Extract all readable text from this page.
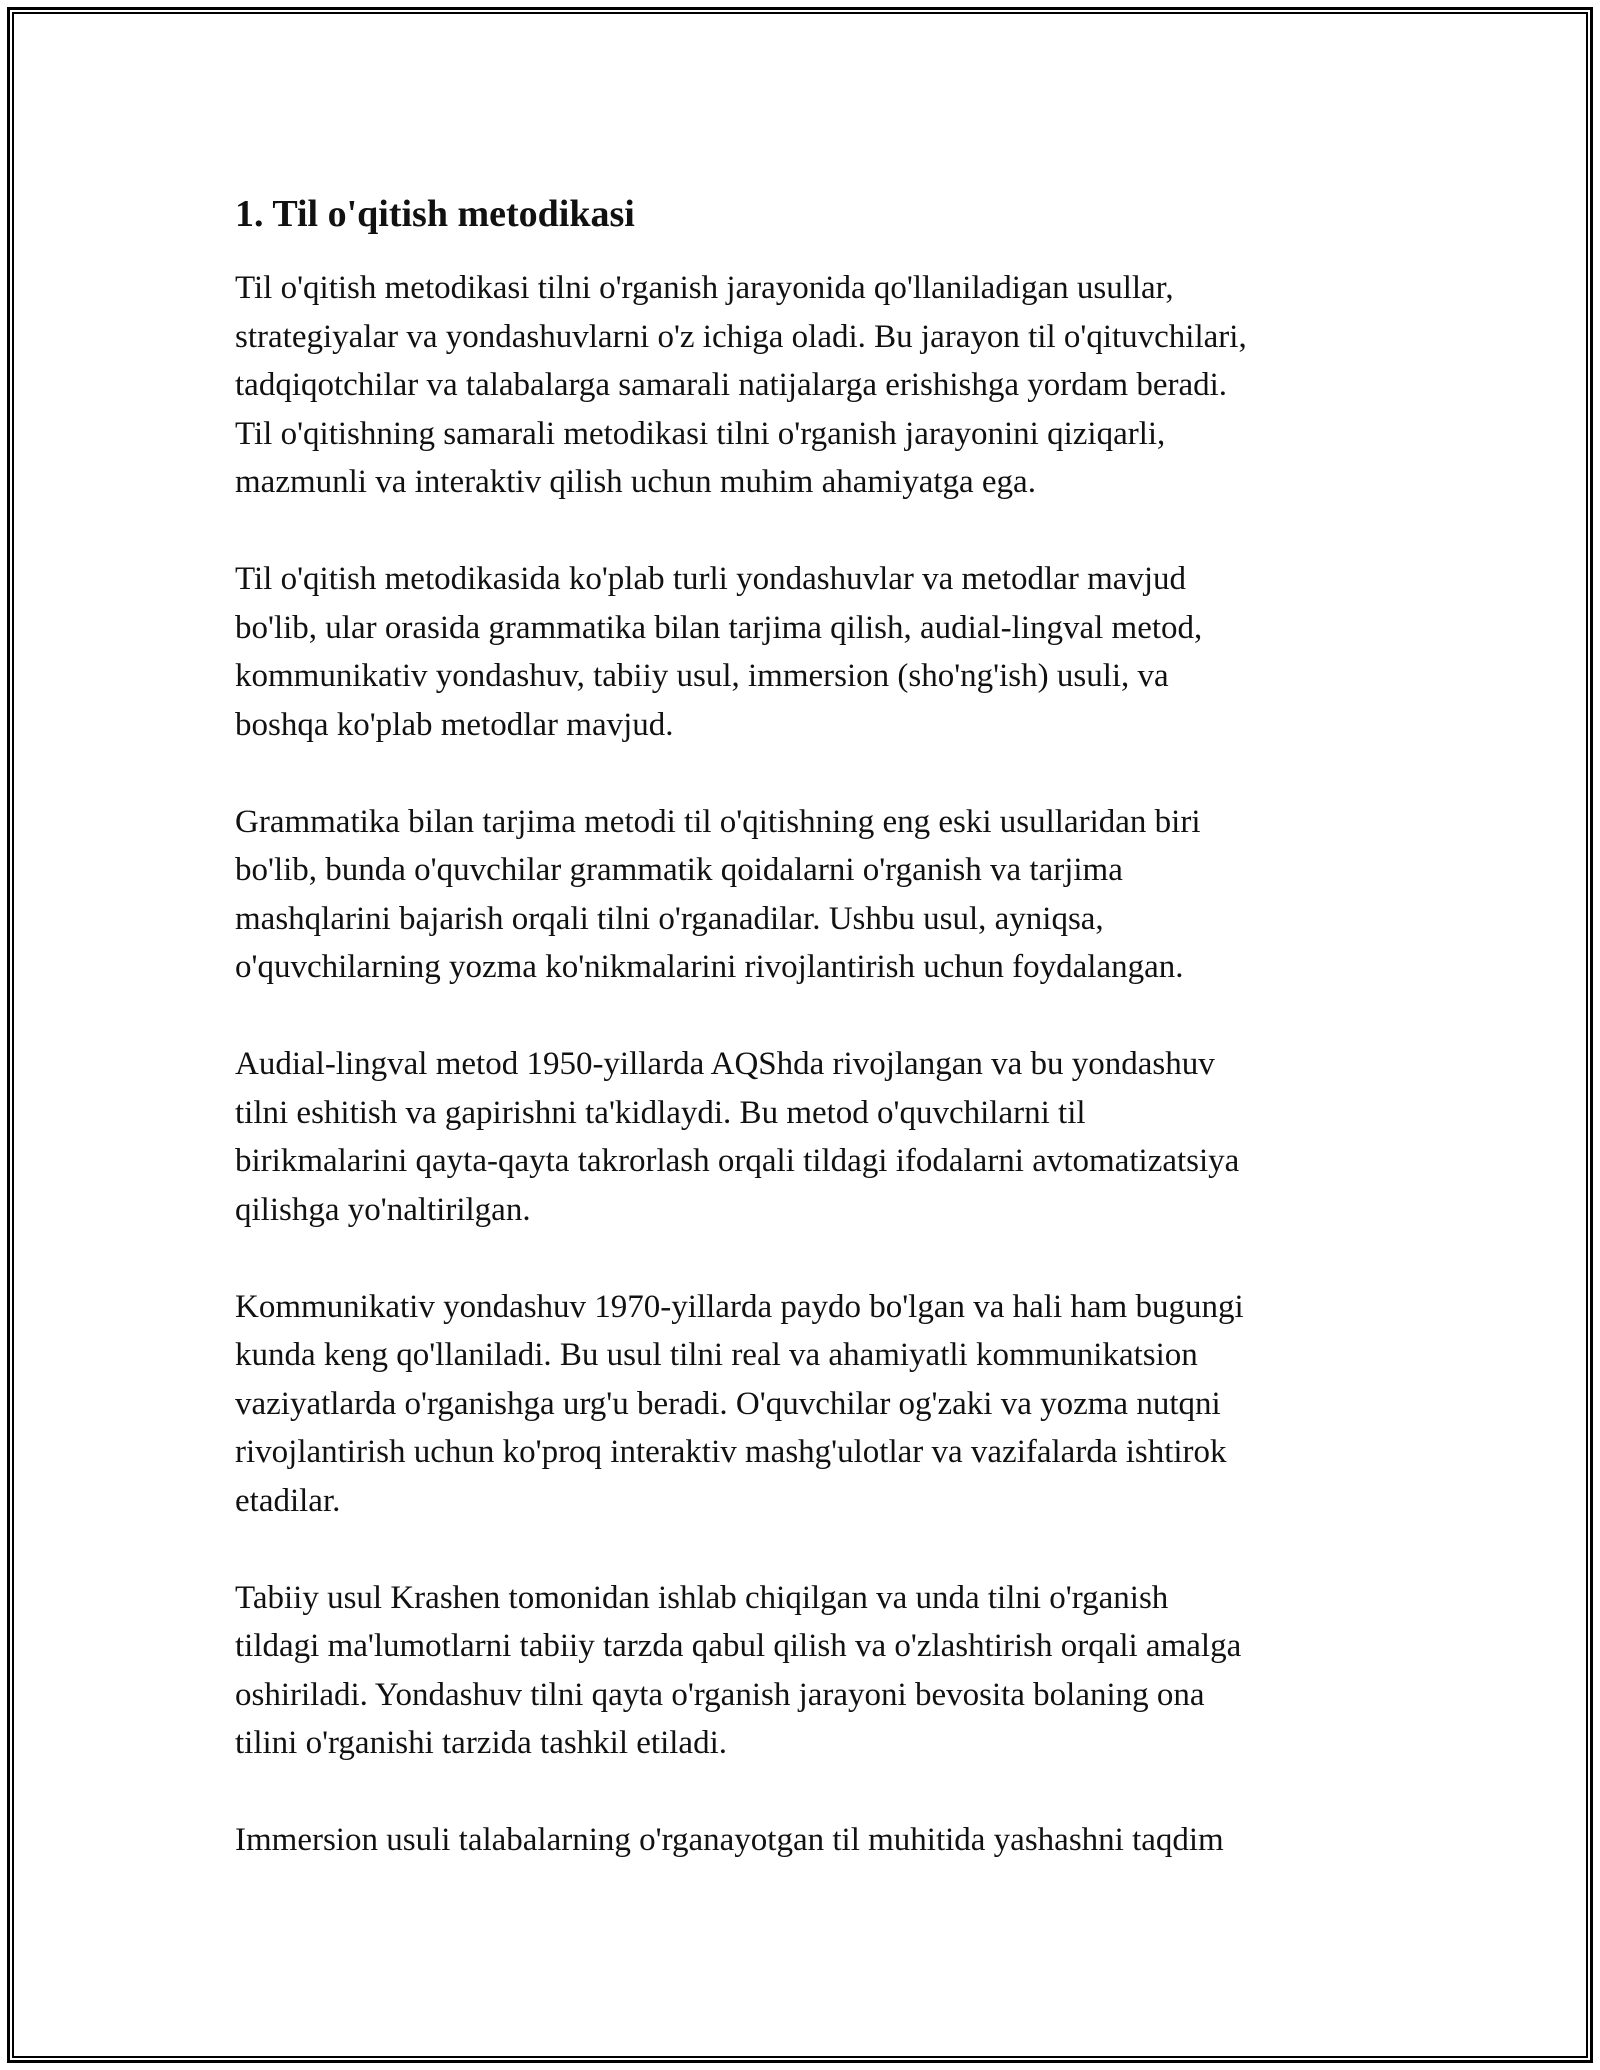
1. Til o'qitish metodikasi
Til o'qitish metodikasi tilni o'rganish jarayonida qo'llaniladigan usullar,
strategiyalar va yondashuvlarni o'z ichiga oladi. Bu jarayon til o'qituvchilari,
tadqiqotchilar va talabalarga samarali natijalarga erishishga yordam beradi.
Til o'qitishning samarali metodikasi tilni o'rganish jarayonini qiziqarli,
mazmunli va interaktiv qilish uchun muhim ahamiyatga ega.
Til o'qitish metodikasida ko'plab turli yondashuvlar va metodlar mavjud
bo'lib, ular orasida grammatika bilan tarjima qilish, audial-lingval metod,
kommunikativ yondashuv, tabiiy usul, immersion (sho'ng'ish) usuli, va
boshqa ko'plab metodlar mavjud.
Grammatika bilan tarjima metodi til o'qitishning eng eski usullaridan biri
bo'lib, bunda o'quvchilar grammatik qoidalarni o'rganish va tarjima
mashqlarini bajarish orqali tilni o'rganadilar. Ushbu usul, ayniqsa,
o'quvchilarning yozma ko'nikmalarini rivojlantirish uchun foydalangan.
Audial-lingval metod 1950-yillarda AQShda rivojlangan va bu yondashuv
tilni eshitish va gapirishni ta'kidlaydi. Bu metod o'quvchilarni til
birikmalarini qayta-qayta takrorlash orqali tildagi ifodalarni avtomatizatsiya
qilishga yo'naltirilgan.
Kommunikativ yondashuv 1970-yillarda paydo bo'lgan va hali ham bugungi
kunda keng qo'llaniladi. Bu usul tilni real va ahamiyatli kommunikatsion
vaziyatlarda o'rganishga urg'u beradi. O'quvchilar og'zaki va yozma nutqni
rivojlantirish uchun ko'proq interaktiv mashg'ulotlar va vazifalarda ishtirok
etadilar.
Tabiiy usul Krashen tomonidan ishlab chiqilgan va unda tilni o'rganish
tildagi ma'lumotlarni tabiiy tarzda qabul qilish va o'zlashtirish orqali amalga
oshiriladi. Yondashuv tilni qayta o'rganish jarayoni bevosita bolaning ona
tilini o'rganishi tarzida tashkil etiladi.
Immersion usuli talabalarning o'rganayotgan til muhitida yashashni taqdim
